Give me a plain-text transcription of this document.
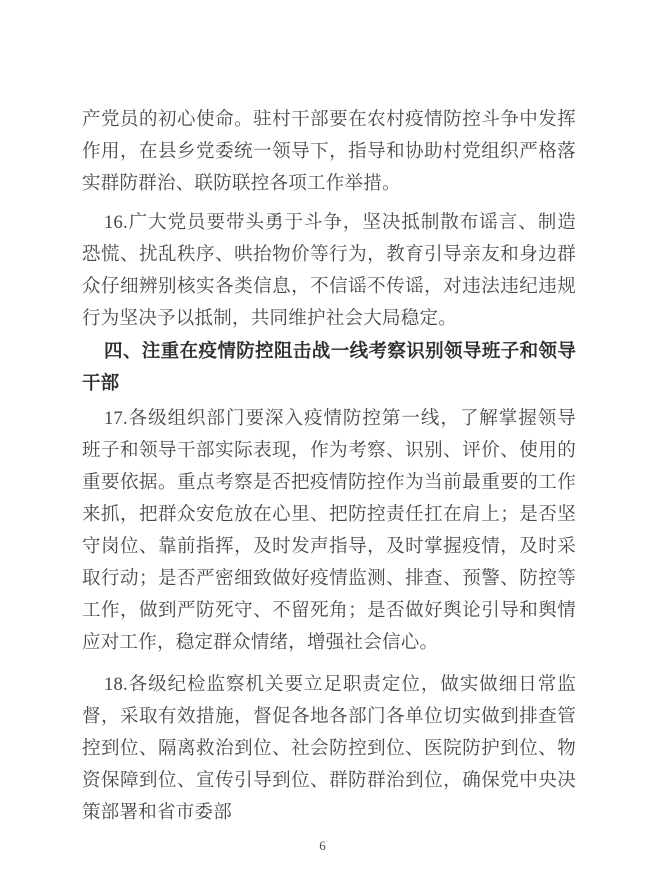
产党员的初心使命。驻村干部要在农村疫情防控斗争中发挥作用，在县乡党委统一领导下，指导和协助村党组织严格落实群防群治、联防联控各项工作举措。

16.广大党员要带头勇于斗争，坚决抵制散布谣言、制造恐慌、扰乱秩序、哄抬物价等行为，教育引导亲友和身边群众仔细辨别核实各类信息，不信谣不传谣，对违法违纪违规行为坚决予以抵制，共同维护社会大局稳定。

四、注重在疫情防控阻击战一线考察识别领导班子和领导干部

17.各级组织部门要深入疫情防控第一线，了解掌握领导班子和领导干部实际表现，作为考察、识别、评价、使用的重要依据。重点考察是否把疫情防控作为当前最重要的工作来抓，把群众安危放在心里、把防控责任扛在肩上；是否坚守岗位、靠前指挥，及时发声指导，及时掌握疫情，及时采取行动；是否严密细致做好疫情监测、排查、预警、防控等工作，做到严防死守、不留死角；是否做好舆论引导和舆情应对工作，稳定群众情绪，增强社会信心。

18.各级纪检监察机关要立足职责定位，做实做细日常监督，采取有效措施，督促各地各部门各单位切实做到排查管控到位、隔离救治到位、社会防控到位、医院防护到位、物资保障到位、宣传引导到位、群防群治到位，确保党中央决策部署和省市委部

6
